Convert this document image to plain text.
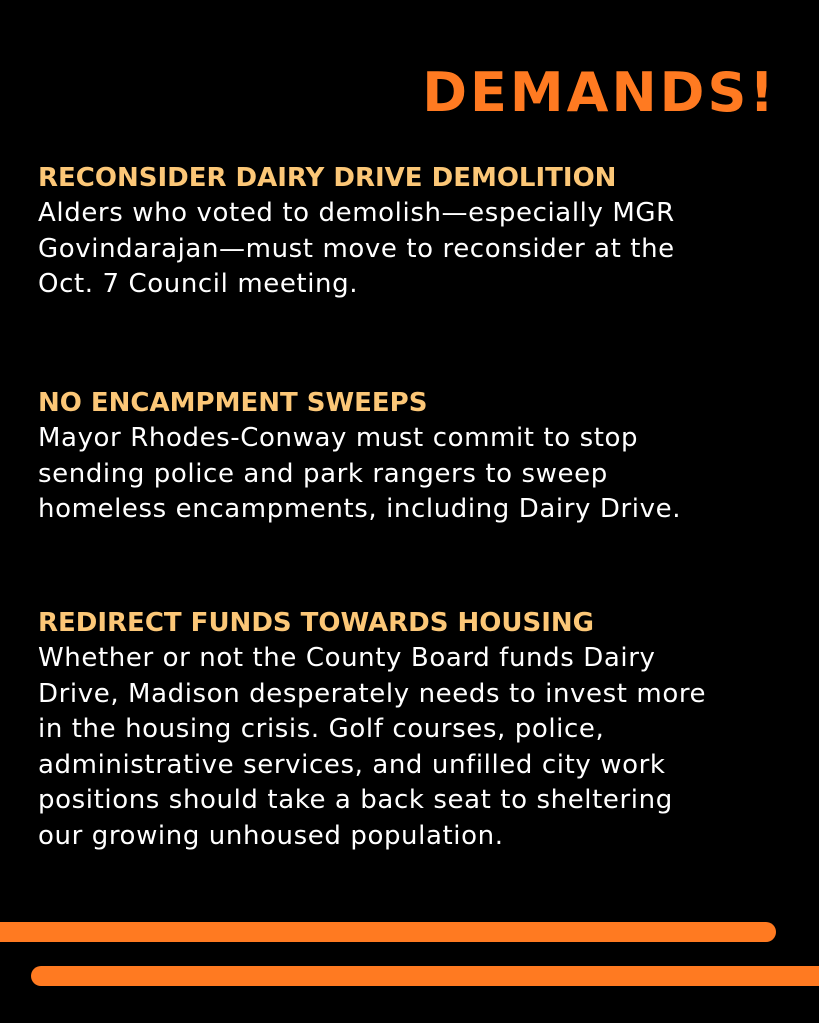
DEMANDS!
RECONSIDER DAIRY DRIVE DEMOLITION

Alders who voted to demolish—especially MGR
Govindarajan—must move to reconsider at the
Oct. 7 Council meeting.

NO ENCAMPMENT SWEEPS

Mayor Rhodes-Conway must commit to stop
sending police and park rangers to sweep
homeless encampments, including Dairy Drive.

REDIRECT FUNDS TOWARDS HOUSING

Whether or not the County Board funds Dairy
Drive, Madison desperately needs to invest more
in the housing crisis. Golf courses, police,
administrative services, and unfilled city work
positions should take a back seat to sheltering
our growing unhoused population.
